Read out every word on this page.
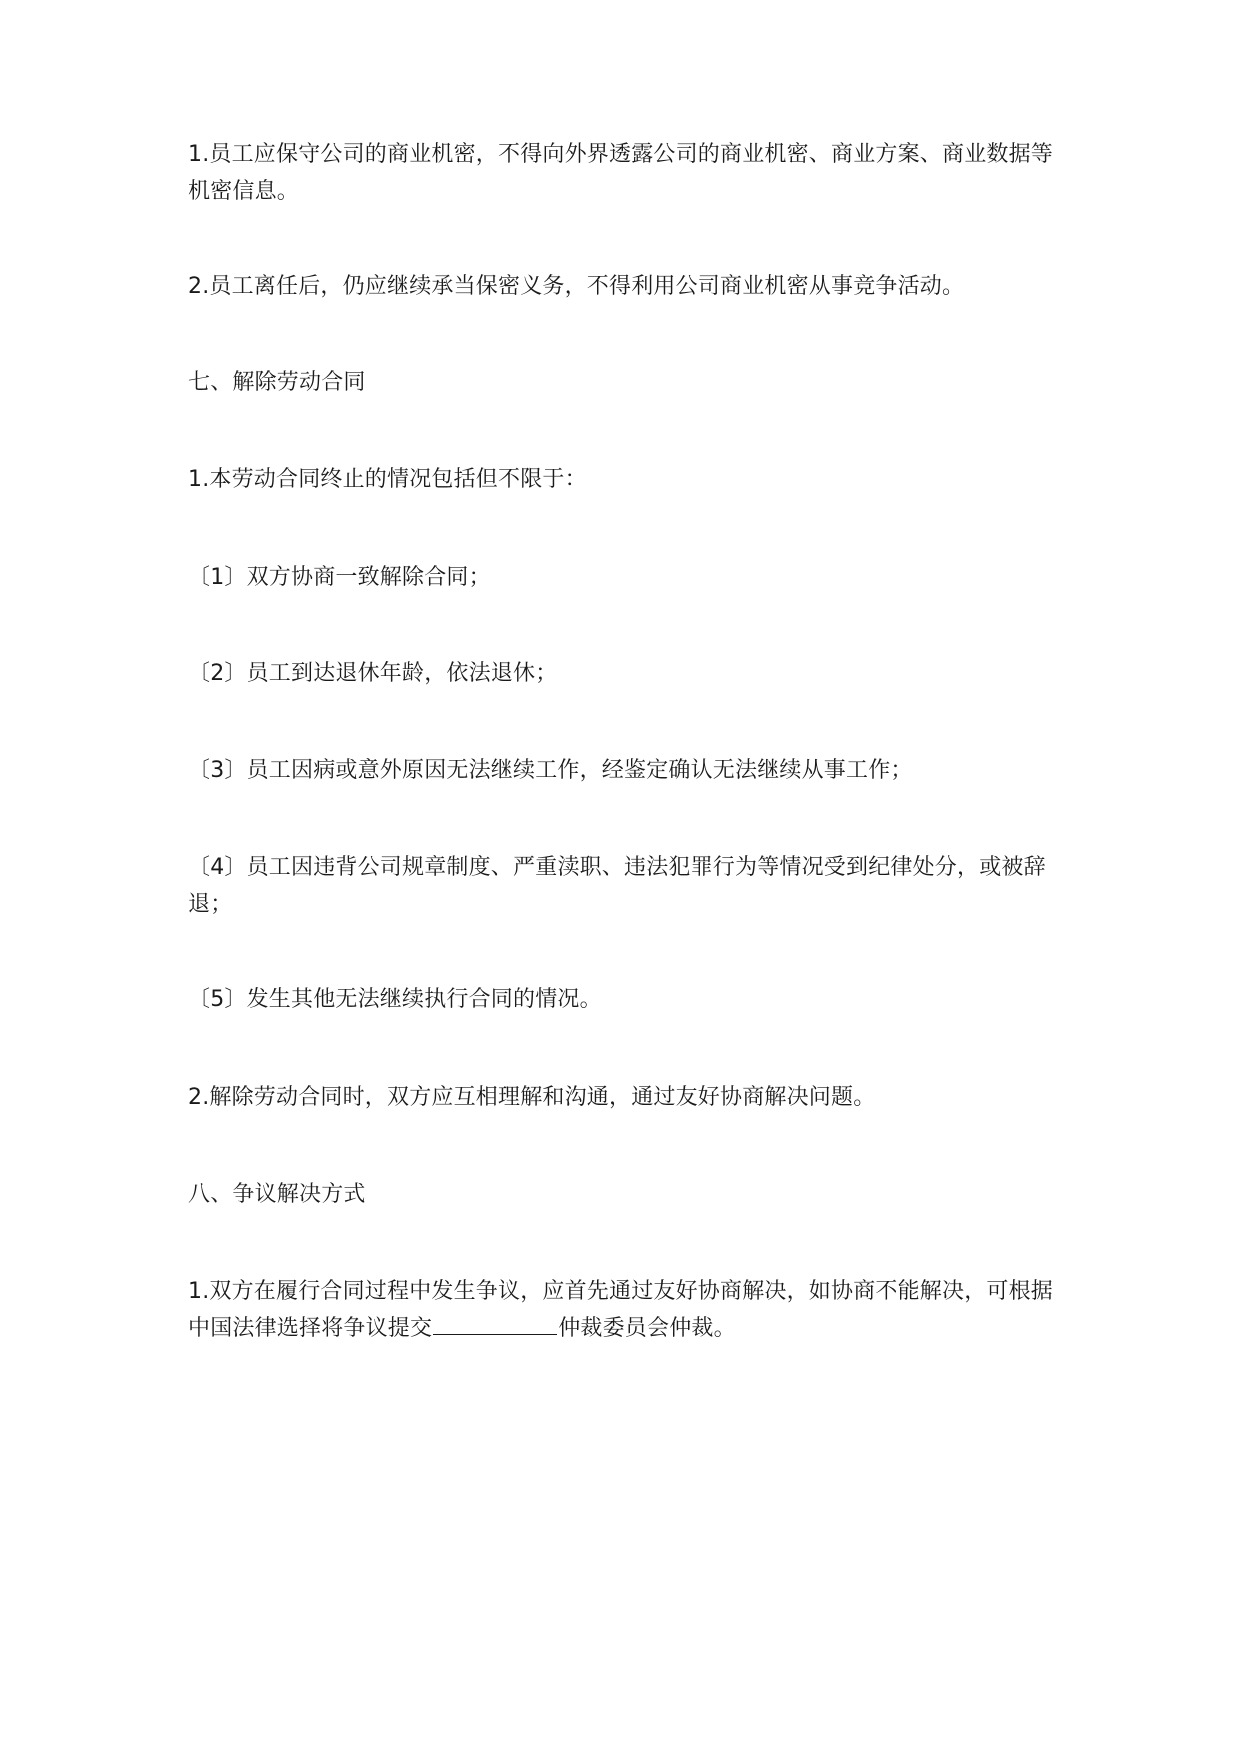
1.员工应保守公司的商业机密，不得向外界透露公司的商业机密、商业方案、商业数据等机密信息。
2.员工离任后，仍应继续承当保密义务，不得利用公司商业机密从事竞争活动。
七、解除劳动合同
1.本劳动合同终止的情况包括但不限于：
〔1〕双方协商一致解除合同；
〔2〕员工到达退休年龄，依法退休；
〔3〕员工因病或意外原因无法继续工作，经鉴定确认无法继续从事工作；
〔4〕员工因违背公司规章制度、严重渎职、违法犯罪行为等情况受到纪律处分，或被辞退；
〔5〕发生其他无法继续执行合同的情况。
2.解除劳动合同时，双方应互相理解和沟通，通过友好协商解决问题。
八、争议解决方式
1.双方在履行合同过程中发生争议，应首先通过友好协商解决，如协商不能解决，可根据中国法律选择将争议提交	仲裁委员会仲裁。
